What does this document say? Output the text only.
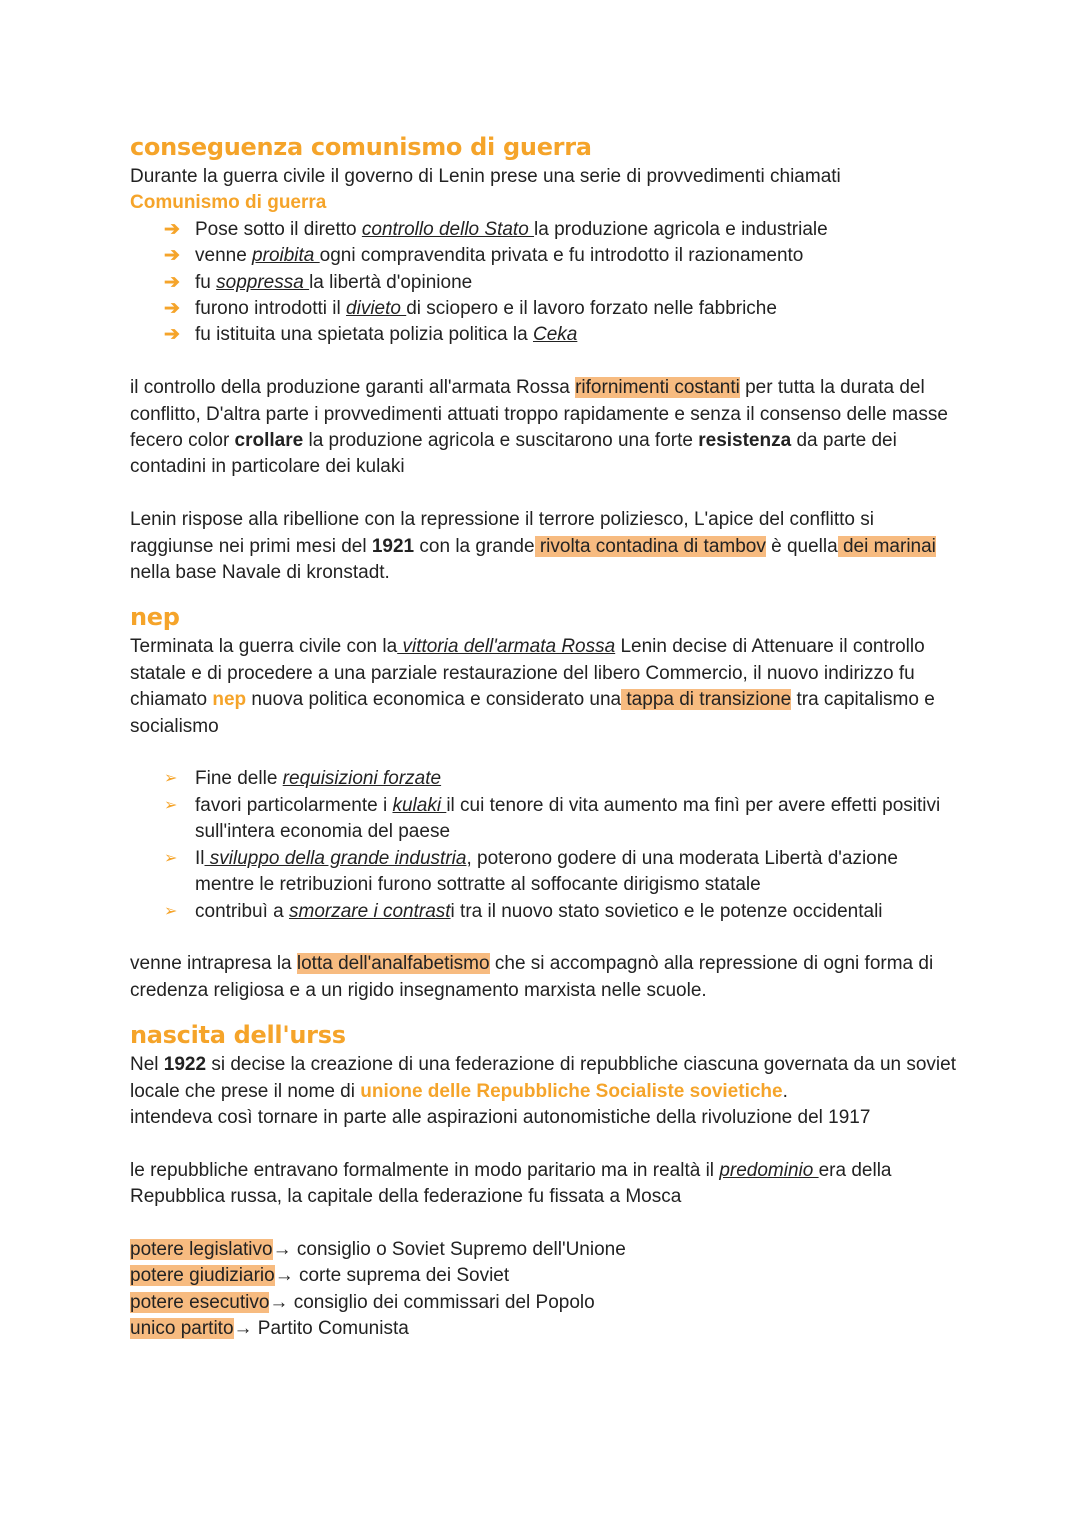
conseguenza comunismo di guerra

Durante la guerra civile il governo di Lenin prese una serie di provvedimenti chiamati
Comunismo di guerra

➔ Pose sotto il diretto controllo dello Stato la produzione agricola e industriale
➔ venne proibita ogni compravendita privata e fu introdotto il razionamento
➔ fu soppressa la libertà d'opinione
➔ furono introdotti il divieto di sciopero e il lavoro forzato nelle fabbriche
➔ fu istituita una spietata polizia politica la Ceka

il controllo della produzione garanti all'armata Rossa rifornimenti costanti per tutta la durata del conflitto, D'altra parte i provvedimenti attuati troppo rapidamente e senza il consenso delle masse fecero color crollare la produzione agricola e suscitarono una forte resistenza da parte dei contadini in particolare dei kulaki

Lenin rispose alla ribellione con la repressione il terrore poliziesco, L'apice del conflitto si raggiunse nei primi mesi del 1921 con la grande rivolta contadina di tambov è quella dei marinai nella base Navale di kronstadt.

nep

Terminata la guerra civile con la vittoria dell'armata Rossa Lenin decise di Attenuare il controllo statale e di procedere a una parziale restaurazione del libero Commercio, il nuovo indirizzo fu chiamato nep nuova politica economica e considerato una tappa di transizione tra capitalismo e socialismo

➢ Fine delle requisizioni forzate
➢ favori particolarmente i kulaki il cui tenore di vita aumento ma finì per avere effetti positivi sull'intera economia del paese
➢ Il sviluppo della grande industria, poterono godere di una moderata Libertà d'azione mentre le retribuzioni furono sottratte al soffocante dirigismo statale
➢ contribuì a smorzare i contrasti tra il nuovo stato sovietico e le potenze occidentali

venne intrapresa la lotta dell'analfabetismo che si accompagnò alla repressione di ogni forma di credenza religiosa e a un rigido insegnamento marxista nelle scuole.

nascita dell'urss

Nel 1922 si decise la creazione di una federazione di repubbliche ciascuna governata da un soviet locale che prese il nome di unione delle Repubbliche Socialiste sovietiche.
intendeva così tornare in parte alle aspirazioni autonomistiche della rivoluzione del 1917

le repubbliche entravano formalmente in modo paritario ma in realtà il predominio era della Repubblica russa, la capitale della federazione fu fissata a Mosca

potere legislativo→ consiglio o Soviet Supremo dell'Unione

potere giudiziario→ corte suprema dei Soviet

potere esecutivo→ consiglio dei commissari del Popolo

unico partito→ Partito Comunista
